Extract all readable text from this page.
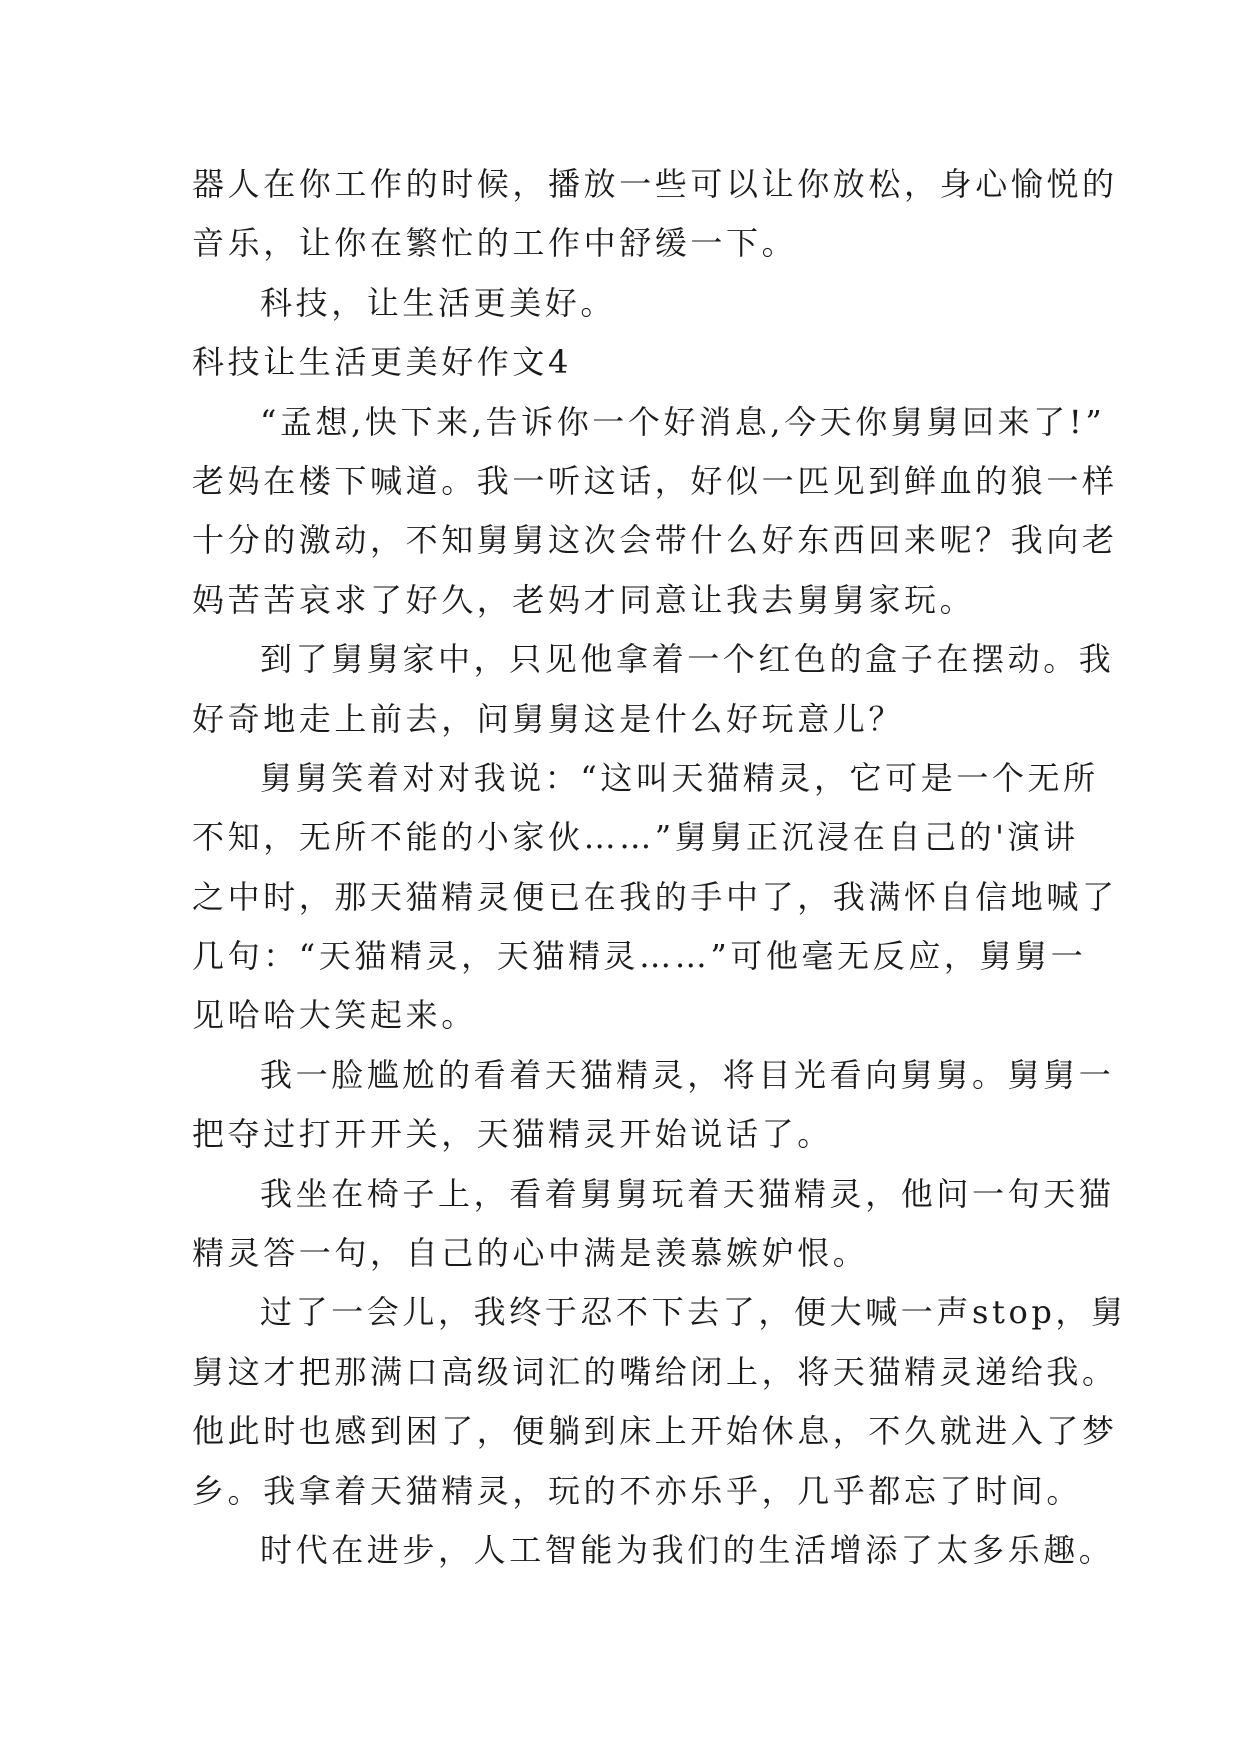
器人在你工作的时候，播放一些可以让你放松，身心愉悦的
音乐，让你在繁忙的工作中舒缓一下。
科技，让生活更美好。
科技让生活更美好作文4
“孟想,快下来,告诉你一个好消息,今天你舅舅回来了!”
老妈在楼下喊道。我一听这话，好似一匹见到鲜血的狼一样
十分的激动，不知舅舅这次会带什么好东西回来呢？我向老
妈苦苦哀求了好久，老妈才同意让我去舅舅家玩。
到了舅舅家中，只见他拿着一个红色的盒子在摆动。我
好奇地走上前去，问舅舅这是什么好玩意儿？
舅舅笑着对对我说：“这叫天猫精灵，它可是一个无所
不知，无所不能的小家伙……”舅舅正沉浸在自己的'演讲
之中时，那天猫精灵便已在我的手中了，我满怀自信地喊了
几句：“天猫精灵，天猫精灵……”可他毫无反应，舅舅一
见哈哈大笑起来。
我一脸尴尬的看着天猫精灵，将目光看向舅舅。舅舅一
把夺过打开开关，天猫精灵开始说话了。
我坐在椅子上，看着舅舅玩着天猫精灵，他问一句天猫
精灵答一句，自己的心中满是羡慕嫉妒恨。
过了一会儿，我终于忍不下去了，便大喊一声stop，舅
舅这才把那满口高级词汇的嘴给闭上，将天猫精灵递给我。
他此时也感到困了，便躺到床上开始休息，不久就进入了梦
乡。我拿着天猫精灵，玩的不亦乐乎，几乎都忘了时间。
时代在进步，人工智能为我们的生活增添了太多乐趣。
